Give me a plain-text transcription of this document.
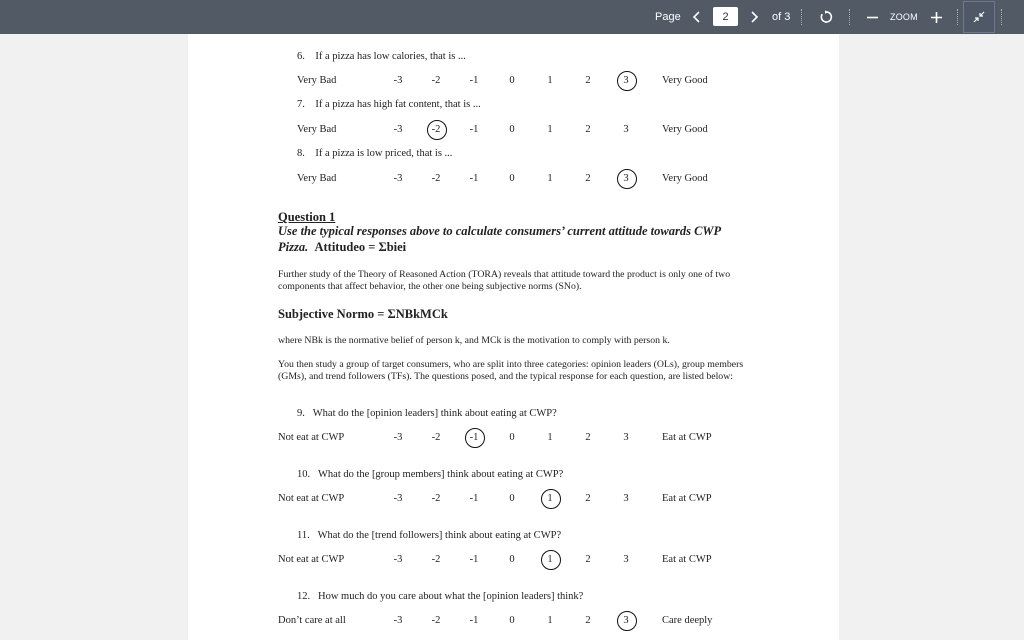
Page
2	of 3	ZOOM
6. If a pizza has low calories, that is ...
Very Bad	-3	-2	-1	0	1	2	3	Very Good
7. If a pizza has high fat content, that is ...
Very Bad	-3	-2	-1	0	1	2	3	Very Good
8. If a pizza is low priced, that is ...
Very Bad	-3	-2	-1	0	1	2	3	Very Good
Question 1
Use the typical responses above to calculate consumers’ current attitude towards CWP
Pizza. Attitudeo = Σbiei
Further study of the Theory of Reasoned Action (TORA) reveals that attitude toward the product is only one of two components that affect behavior, the other one being subjective norms (SNo).
Subjective Normo = ΣNBkMCk
where NBk is the normative belief of person k, and MCk is the motivation to comply with person k.
You then study a group of target consumers, who are split into three categories: opinion leaders (OLs), group members (GMs), and trend followers (TFs). The questions posed, and the typical response for each question, are listed below:
9. What do the [opinion leaders] think about eating at CWP?
Not eat at CWP	-3	-2	-1	0	1	2	3	Eat at CWP
10. What do the [group members] think about eating at CWP?
Not eat at CWP	-3	-2	-1	0	1	2	3	Eat at CWP
11. What do the [trend followers] think about eating at CWP?
Not eat at CWP	-3	-2	-1	0	1	2	3	Eat at CWP
12. How much do you care about what the [opinion leaders] think?
Don’t care at all	-3	-2	-1	0	1	2	3	Care deeply
